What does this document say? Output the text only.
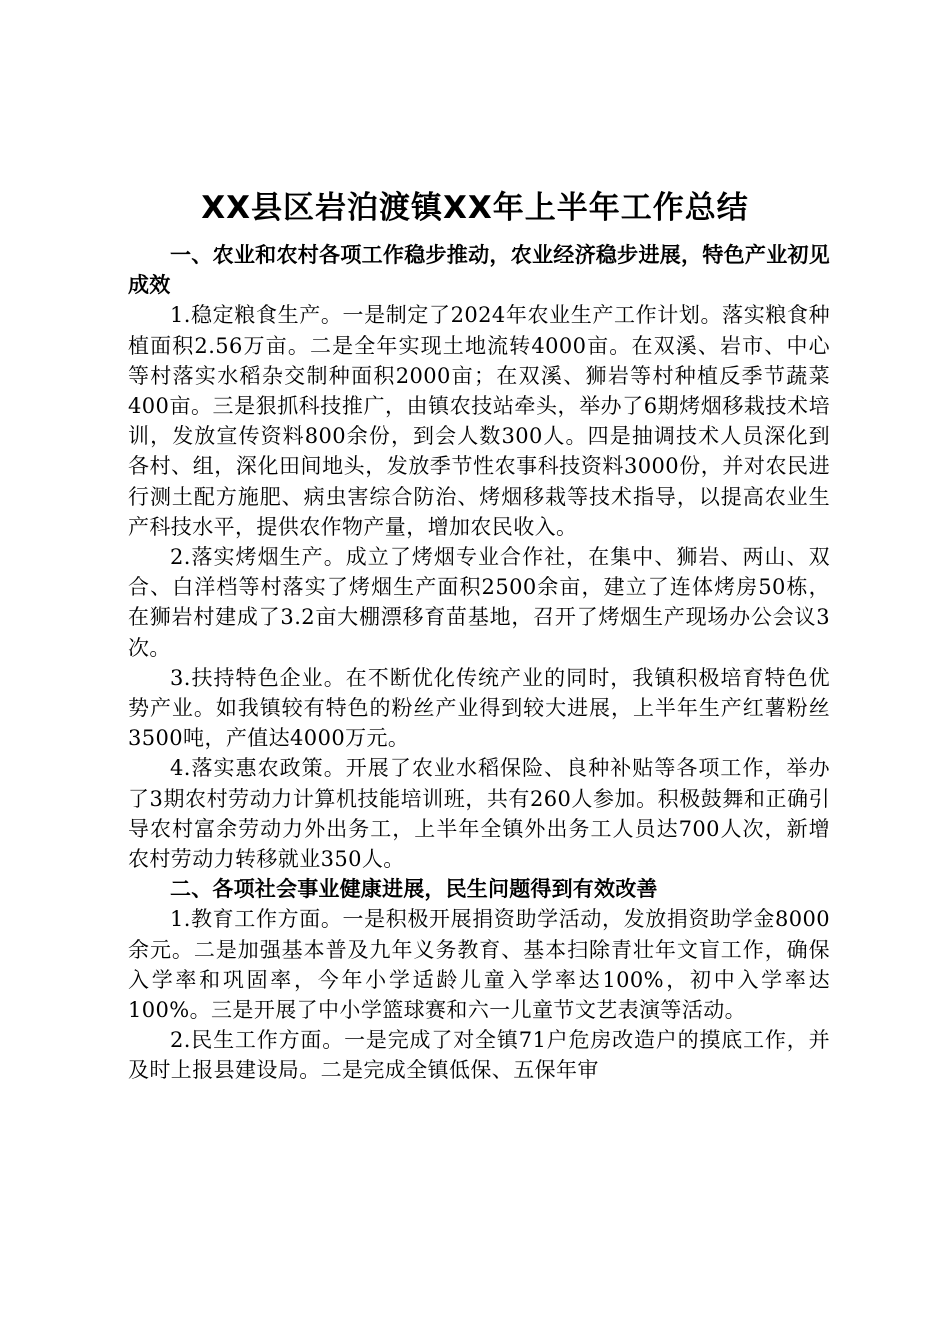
XX县区岩泊渡镇XX年上半年工作总结

一、农业和农村各项工作稳步推动，农业经济稳步进展，特色产业初见成效

1.稳定粮食生产。一是制定了2024年农业生产工作计划。落实粮食种植面积2.56万亩。二是全年实现土地流转4000亩。在双溪、岩市、中心等村落实水稻杂交制种面积2000亩；在双溪、狮岩等村种植反季节蔬菜400亩。三是狠抓科技推广，由镇农技站牵头，举办了6期烤烟移栽技术培训，发放宣传资料800余份，到会人数300人。四是抽调技术人员深化到各村、组，深化田间地头，发放季节性农事科技资料3000份，并对农民进行测土配方施肥、病虫害综合防治、烤烟移栽等技术指导，以提高农业生产科技水平，提供农作物产量，增加农民收入。

2.落实烤烟生产。成立了烤烟专业合作社，在集中、狮岩、两山、双合、白洋档等村落实了烤烟生产面积2500余亩，建立了连体烤房50栋，在狮岩村建成了3.2亩大棚漂移育苗基地，召开了烤烟生产现场办公会议3次。

3.扶持特色企业。在不断优化传统产业的同时，我镇积极培育特色优势产业。如我镇较有特色的粉丝产业得到较大进展，上半年生产红薯粉丝3500吨，产值达4000万元。

4.落实惠农政策。开展了农业水稻保险、良种补贴等各项工作，举办了3期农村劳动力计算机技能培训班，共有260人参加。积极鼓舞和正确引导农村富余劳动力外出务工，上半年全镇外出务工人员达700人次，新增农村劳动力转移就业350人。

二、各项社会事业健康进展，民生问题得到有效改善

1.教育工作方面。一是积极开展捐资助学活动，发放捐资助学金8000余元。二是加强基本普及九年义务教育、基本扫除青壮年文盲工作，确保入学率和巩固率，今年小学适龄儿童入学率达100%，初中入学率达100%。三是开展了中小学篮球赛和六一儿童节文艺表演等活动。

2.民生工作方面。一是完成了对全镇71户危房改造户的摸底工作，并及时上报县建设局。二是完成全镇低保、五保年审
